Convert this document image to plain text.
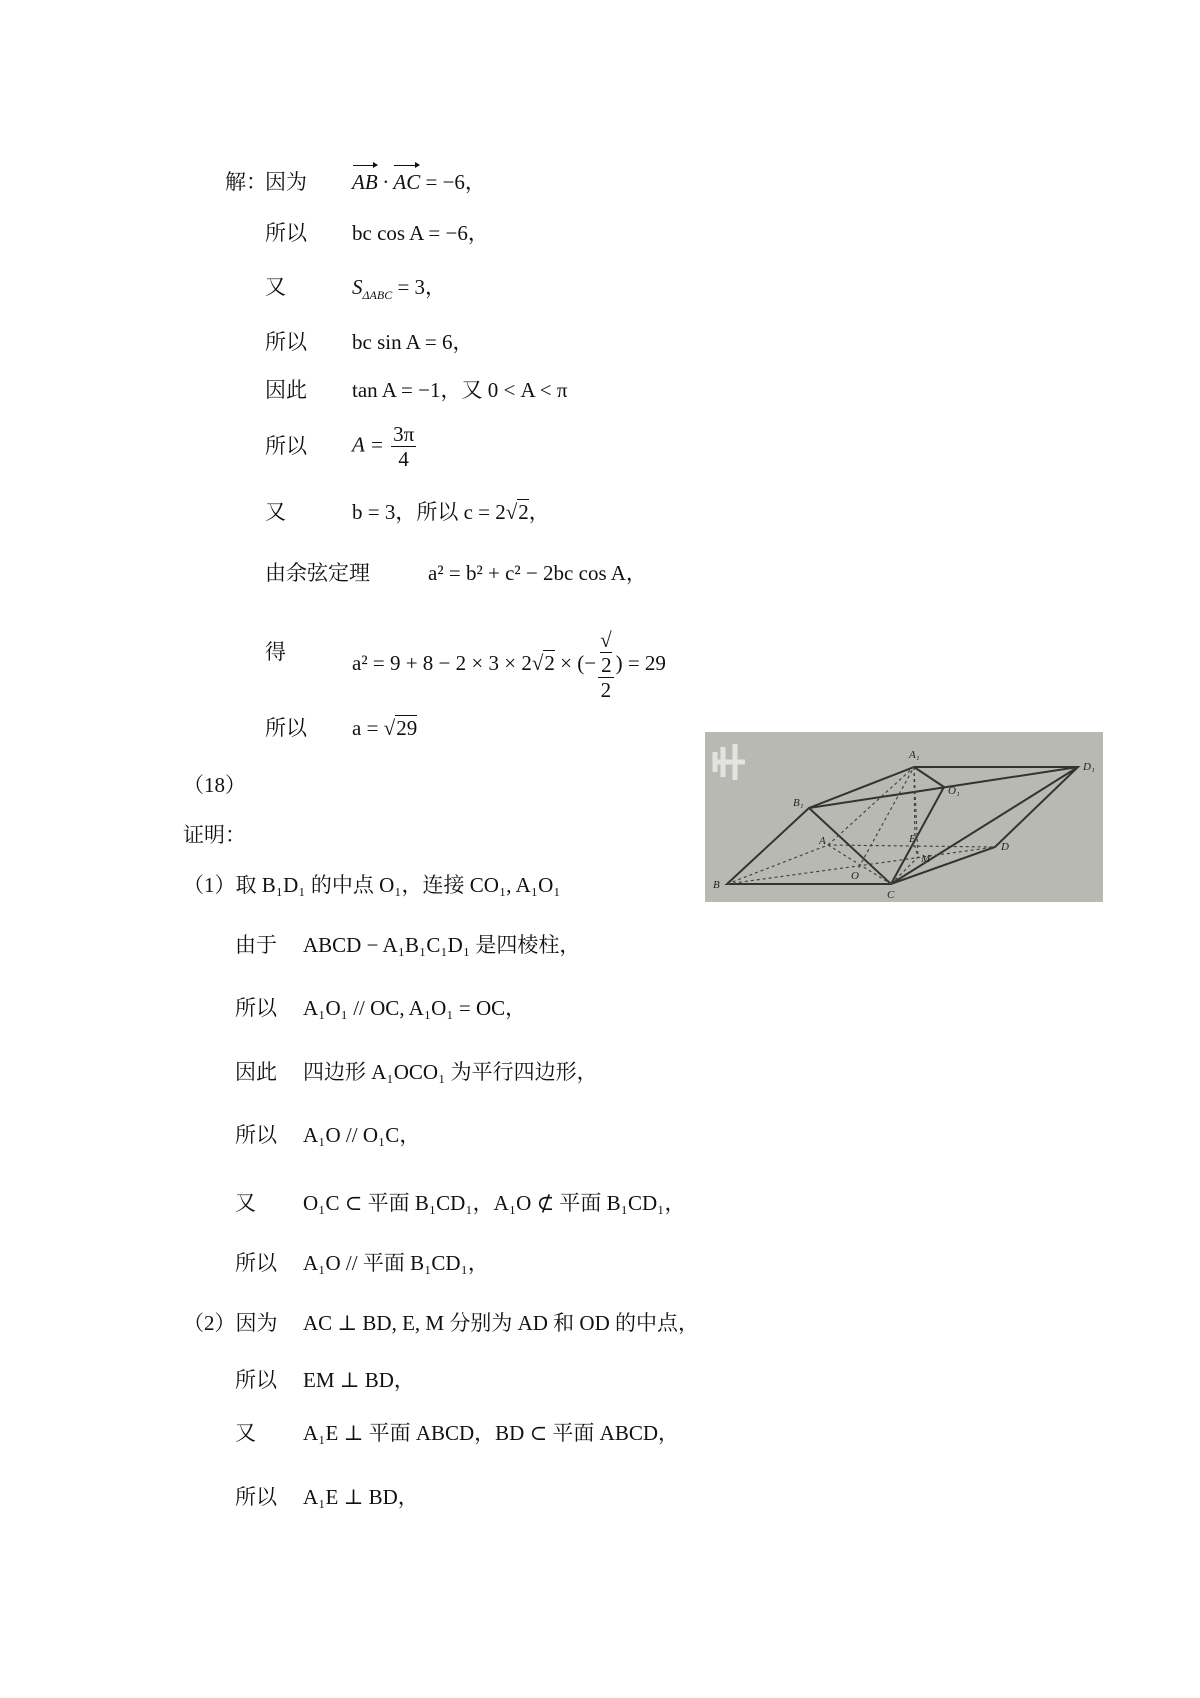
解：
因为 AB · AC = −6，
所以 bc cos A = −6，
又	$S_{\Delta ABC} = 3$，
所以 bc sin A = 6，
因此 tan A = −1，又 0 < A < π
所以 $A = \frac{3\pi}{4}$
又	b = 3，所以 c = 2√2，
由余弦定理	a² = b² + c² − 2bc cos A，
得	a² = 9 + 8 − 2 × 3 × 2√2 × (− √
2
2 ) = 29
所以 a = √29
（18）
证明：
（1）取 B₁D₁ 的中点 O₁，连接 CO₁, A₁O₁
由于 ABCD − A₁B₁C₁D₁ 是四棱柱，
所以 A₁O₁ // OC, A₁O₁ = OC，
因此 四边形 A₁OCO₁ 为平行四边形，
所以 A₁O // O₁C，
又 O₁C ⊂ 平面 B₁CD₁，A₁O ⊄ 平面 B₁CD₁，
所以 A₁O // 平面 B₁CD₁，
（2）因为 AC ⊥ BD, E, M 分别为 AD 和 OD 的中点，
所以 EM ⊥ BD，
又 A₁E ⊥ 平面 ABCD，BD ⊂ 平面 ABCD，
所以 A₁E ⊥ BD，
A₁
B₁
O₁
D₁
A	E
D
B
C
O
M
